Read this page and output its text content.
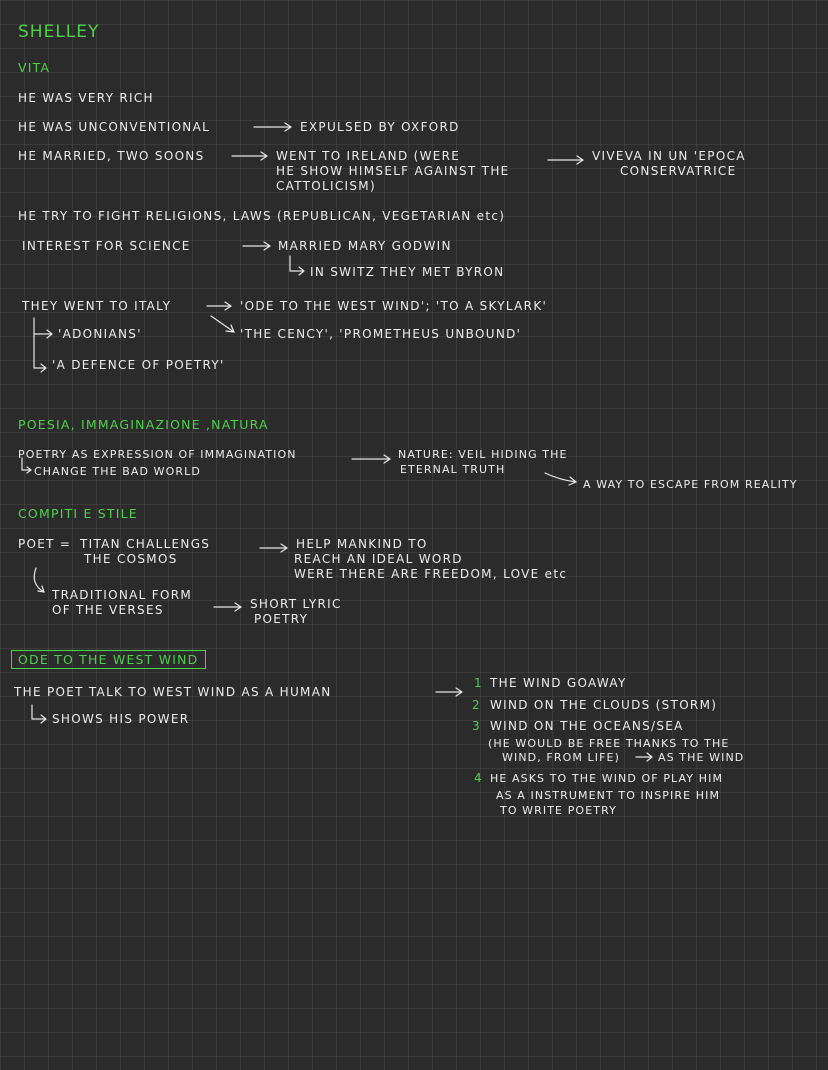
SHELLEY
VITA
HE WAS VERY RICH
HE WAS UNCONVENTIONAL	EXPULSED BY OXFORD
HE MARRIED, TWO SOONS	WENT TO IRELAND (WERE
HE SHOW HIMSELF AGAINST THE
CATTOLICISM)
VIVEVA IN UN 'EPOCA
CONSERVATRICE
HE TRY TO FIGHT RELIGIONS, LAWS (REPUBLICAN, VEGETARIAN etc)
INTEREST FOR SCIENCE	MARRIED MARY GODWIN
IN SWITZ THEY MET BYRON
THEY WENT TO ITALY	'ODE TO THE WEST WIND'; 'TO A SKYLARK'
'THE CENCY', 'PROMETHEUS UNBOUND'
'ADONIANS'
'A DEFENCE OF POETRY'
POESIA, IMMAGINAZIONE ,NATURA
POETRY AS EXPRESSION OF IMMAGINATION
CHANGE THE BAD WORLD
NATURE: VEIL HIDING THE
ETERNAL TRUTH
A WAY TO ESCAPE FROM REALITY
COMPITI E STILE
POET = TITAN CHALLENGS
THE COSMOS
HELP MANKIND TO
REACH AN IDEAL WORD
WERE THERE ARE FREEDOM, LOVE etc
TRADITIONAL FORM
OF THE VERSES	SHORT LYRIC
POETRY
ODE TO THE WEST WIND
THE POET TALK TO WEST WIND AS A HUMAN
SHOWS HIS POWER
1 THE WIND GOAWAY
2 WIND ON THE CLOUDS (STORM)
3 WIND ON THE OCEANS/SEA
(HE WOULD BE FREE THANKS TO THE
WIND, FROM LIFE)	AS THE WIND
4 HE ASKS TO THE WIND OF PLAY HIM
AS A INSTRUMENT TO INSPIRE HIM
TO WRITE POETRY
